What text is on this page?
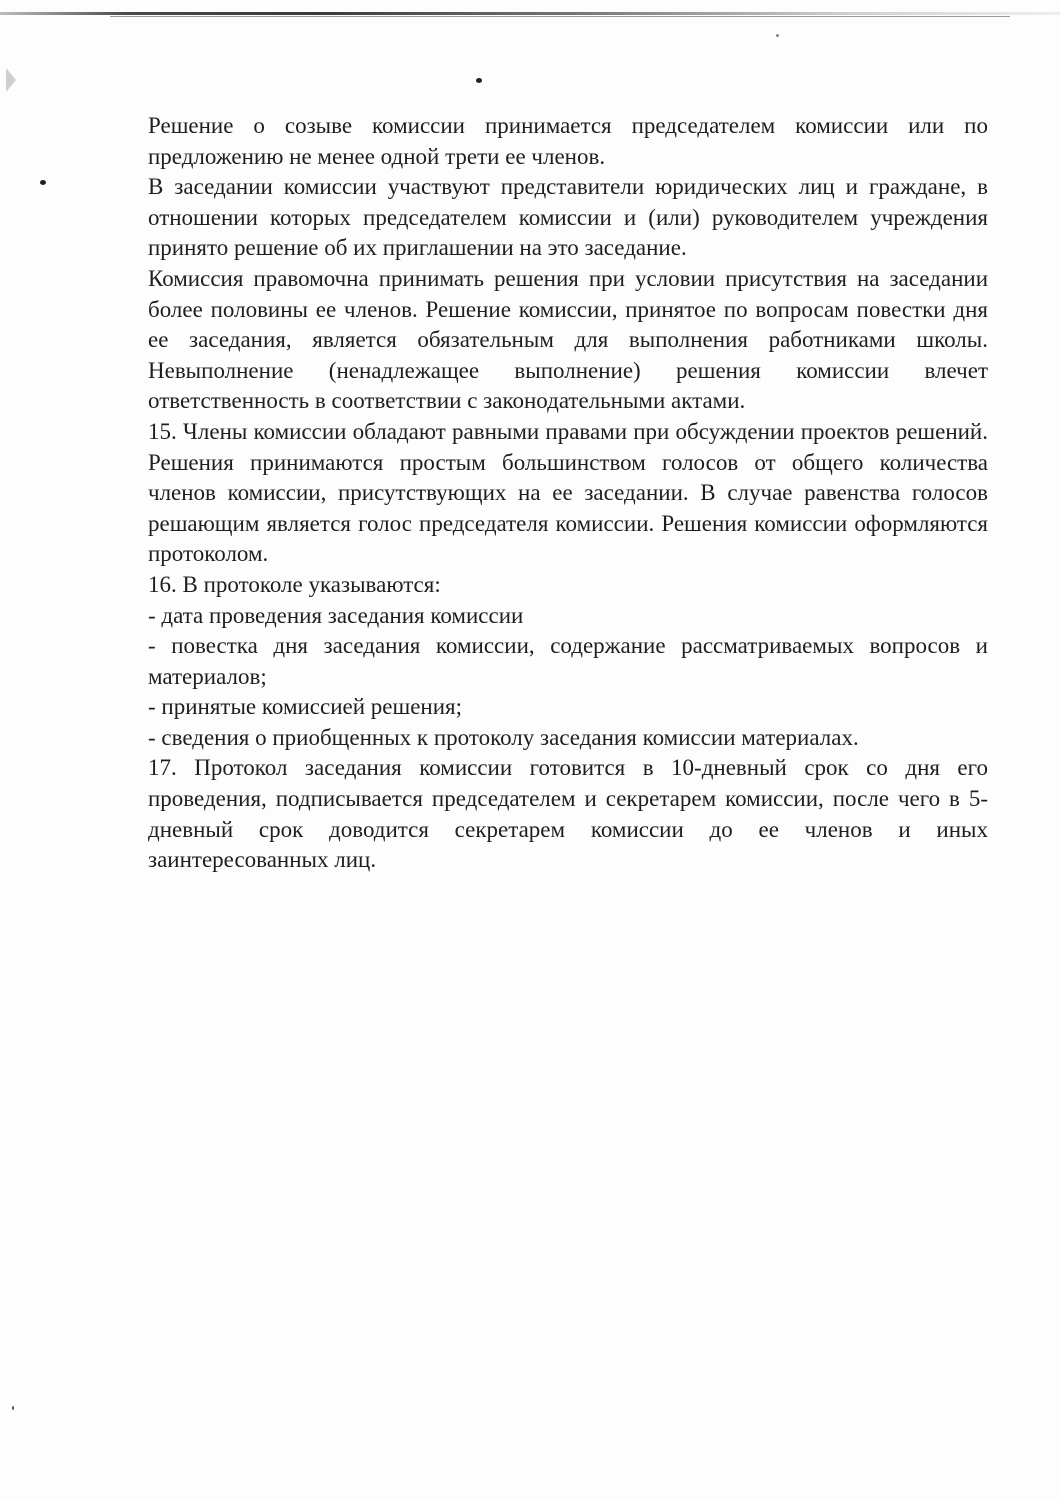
Решение о созыве комиссии принимается председателем комиссии или по предложению не менее одной трети ее членов.

В заседании комиссии участвуют представители юридических лиц и граждане, в отношении которых председателем комиссии и (или) руководителем учреждения принято решение об их приглашении на это заседание.

Комиссия правомочна принимать решения при условии присутствия на заседании более половины ее членов. Решение комиссии, принятое по вопросам повестки дня ее заседания, является обязательным для выполнения работниками школы. Невыполнение (ненадлежащее выполнение) решения комиссии влечет ответственность в соответствии с законодательными актами.

15. Члены комиссии обладают равными правами при обсуждении проектов решений. Решения принимаются простым большинством голосов от общего количества членов комиссии, присутствующих на ее заседании. В случае равенства голосов решающим является голос председателя комиссии. Решения комиссии оформляются протоколом.

16. В протоколе указываются:

- дата проведения заседания комиссии

- повестка дня заседания комиссии, содержание рассматриваемых вопросов и материалов;

- принятые комиссией решения;

- сведения о приобщенных к протоколу заседания комиссии материалах.

17. Протокол заседания комиссии готовится в 10-дневный срок со дня его проведения, подписывается председателем и секретарем комиссии, после чего в 5-дневный срок доводится секретарем комиссии до ее членов и иных заинтересованных лиц.
